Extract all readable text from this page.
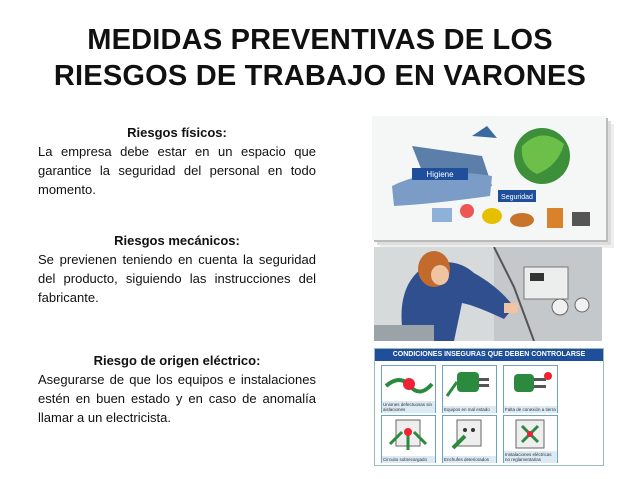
MEDIDAS PREVENTIVAS DE LOS
RIESGOS DE TRABAJO EN VARONES
Riesgos físicos:
La empresa debe estar en un espacio que garantice la seguridad del personal en todo momento.
Riesgos mecánicos:
Se previenen teniendo en cuenta la seguridad del producto, siguiendo las instrucciones del fabricante.
Riesgo de origen eléctrico:
Asegurarse de que los equipos e instalaciones estén en buen estado y en caso de anomalía llamar a un electricista.
Higiene
Seguridad
CONDICIONES INSEGURAS QUE DEBEN CONTROLARSE
Uniones defectuosas sin aislaciones	Equipos en mal estado	Falta de conexión a tierra
Circuito sobrecargado	Enchufes deteriorados
Instalaciones eléctricas no reglamentarias
